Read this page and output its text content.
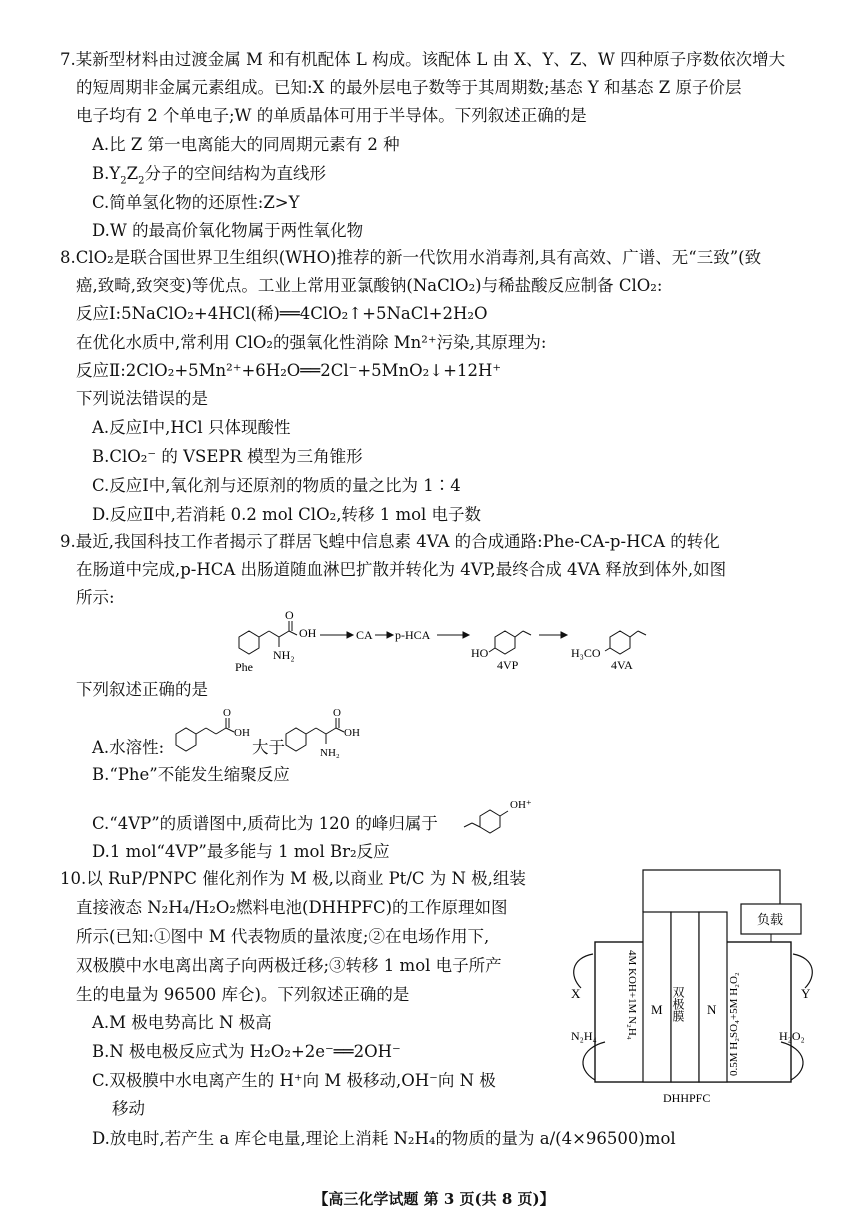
7.某新型材料由过渡金属 M 和有机配体 L 构成。该配体 L 由 X、Y、Z、W 四种原子序数依次增大
的短周期非金属元素组成。已知:X 的最外层电子数等于其周期数;基态 Y 和基态 Z 原子价层
电子均有 2 个单电子;W 的单质晶体可用于半导体。下列叙述正确的是
A.比 Z 第一电离能大的同周期元素有 2 种
$B.Y_2Z_2$分子的空间结构为直线形
C.简单氢化物的还原性:Z>Y
D.W 的最高价氧化物属于两性氧化物
8.ClO₂是联合国世界卫生组织(WHO)推荐的新一代饮用水消毒剂,具有高效、广谱、无“三致”(致
癌,致畸,致突变)等优点。工业上常用亚氯酸钠(NaClO₂)与稀盐酸反应制备 ClO₂:
反应Ⅰ:5NaClO₂+4HCl(稀)══4ClO₂↑+5NaCl+2H₂O
在优化水质中,常利用 ClO₂的强氧化性消除 Mn²⁺污染,其原理为:
反应Ⅱ:2ClO₂+5Mn²⁺+6H₂O══2Cl⁻+5MnO₂↓+12H⁺
下列说法错误的是
A.反应Ⅰ中,HCl 只体现酸性
B.ClO₂⁻ 的 VSEPR 模型为三角锥形
C.反应Ⅰ中,氧化剂与还原剂的物质的量之比为 1∶4
D.反应Ⅱ中,若消耗 0.2 mol ClO₂,转移 1 mol 电子数
9.最近,我国科技工作者揭示了群居飞蝗中信息素 4VA 的合成通路:Phe-CA-p-HCA 的转化
在肠道中完成,p-HCA 出肠道随血淋巴扩散并转化为 4VP,最终合成 4VA 释放到体外,如图
所示:
O
OH
NH₂
Phe
CA p-HCA
HO
4VP
H₃CO
4VA
下列叙述正确的是
A.水溶性:
O
OH
大于
O
OH
NH₂
B.“Phe”不能发生缩聚反应
C.“4VP”的质谱图中,质荷比为 120 的峰归属于
OH⁺
D.1 mol“4VP”最多能与 1 mol Br₂反应
10.以 RuP/PNPC 催化剂作为 M 极,以商业 Pt/C 为 N 极,组装
直接液态 N₂H₄/H₂O₂燃料电池(DHHPFC)的工作原理如图
所示(已知:①图中 M 代表物质的量浓度;②在电场作用下,
双极膜中水电离出离子向两极迁移;③转移 1 mol 电子所产
生的电量为 96500 库仑)。下列叙述正确的是
A.M 极电势高比 N 极高
B.N 极电极反应式为 H₂O₂+2e⁻══2OH⁻
C.双极膜中水电离产生的 H⁺向 M 极移动,OH⁻向 N 极
移动
D.放电时,若产生 a 库仑电量,理论上消耗 N₂H₄的物质的量为 a/(4×96500)mol
负载
M	N
双极膜
4M KOH+1M N₂H₄	0.5M H₂SO₄+5M H₂O₂
X	Y
N₂H₄	H₂O₂
DHHPFC
【高三化学试题 第 3 页(共 8 页)】
